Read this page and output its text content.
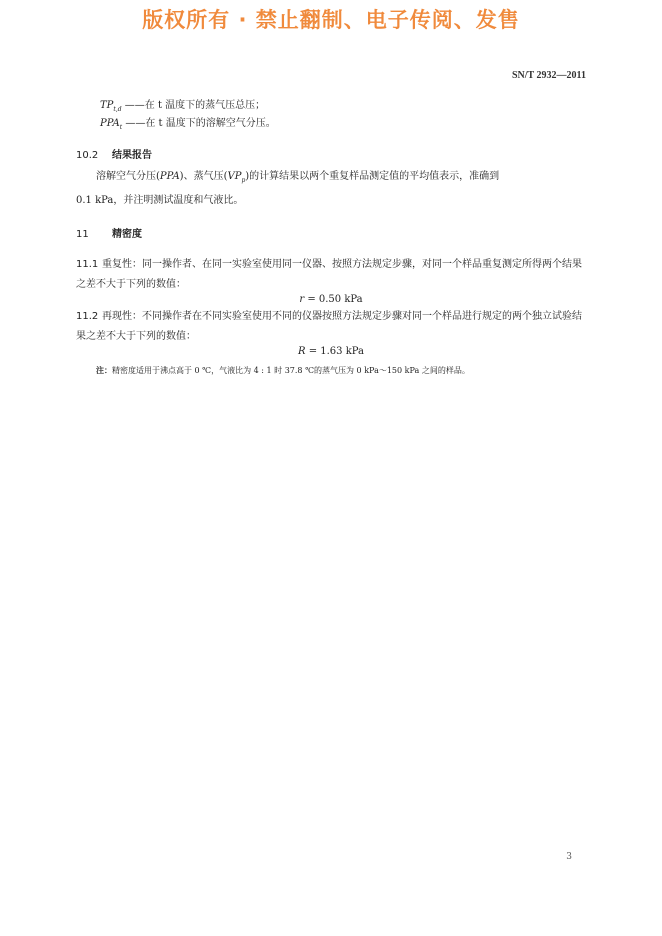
版权所有 · 禁止翻制、电子传阅、发售
SN/T 2932—2011
$TP_{t,d}$ ——在 t 温度下的蒸气压总压；
$PPA_t$ ——在 t 温度下的溶解空气分压。
10.2 结果报告
溶解空气分压(PPA)、蒸气压$(VP_p)$的计算结果以两个重复样品测定值的平均值表示，准确到
0.1 kPa，并注明测试温度和气液比。
11 精密度
11.1 重复性：同一操作者、在同一实验室使用同一仪器、按照方法规定步骤，对同一个样品重复测定所得两个结果之差不大于下列的数值：
r = 0.50 kPa
11.2 再现性：不同操作者在不同实验室使用不同的仪器按照方法规定步骤对同一个样品进行规定的两个独立试验结果之差不大于下列的数值：
R = 1.63 kPa
注：精密度适用于沸点高于 0 ℃，气液比为 4 : 1 时 37.8 ℃的蒸气压为 0 kPa～150 kPa 之间的样品。
3
